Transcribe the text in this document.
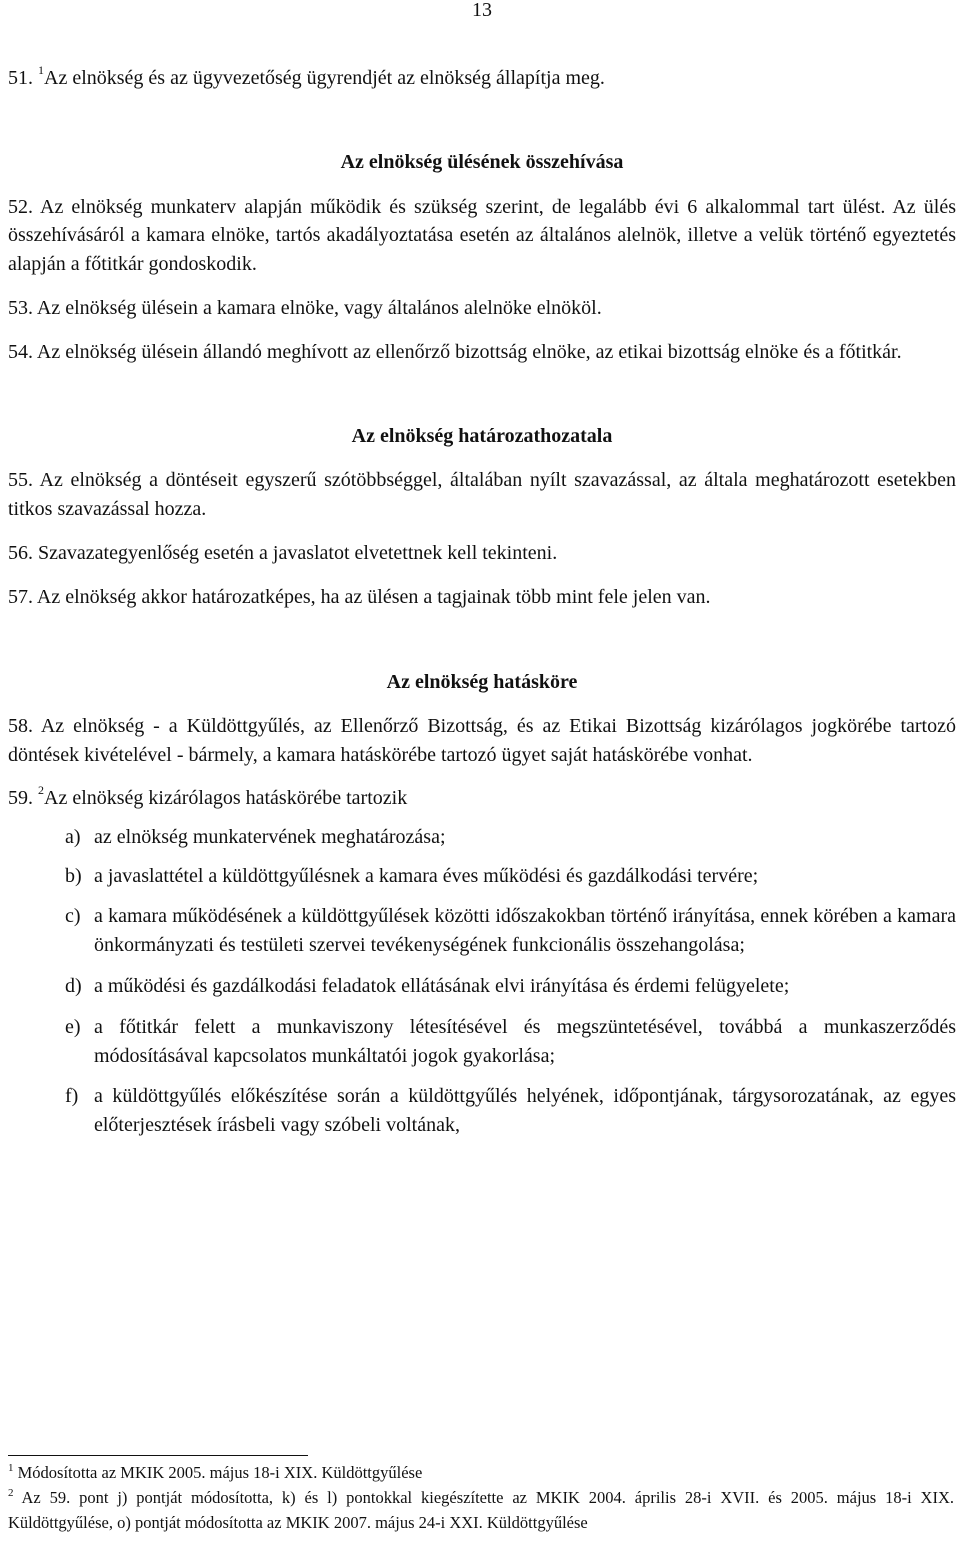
13
51. $^1$Az elnökség és az ügyvezetőség ügyrendjét az elnökség állapítja meg.
Az elnökség ülésének összehívása
52. Az elnökség munkaterv alapján működik és szükség szerint, de legalább évi 6 alkalommal tart ülést. Az ülés összehívásáról a kamara elnöke, tartós akadályoztatása esetén az általános alelnök, illetve a velük történő egyeztetés alapján a főtitkár gondoskodik.
53. Az elnökség ülésein a kamara elnöke, vagy általános alelnöke elnököl.
54. Az elnökség ülésein állandó meghívott az ellenőrző bizottság elnöke, az etikai bizottság elnöke és a főtitkár.
Az elnökség határozathozatala
55. Az elnökség a döntéseit egyszerű szótöbbséggel, általában nyílt szavazással, az általa meghatározott esetekben titkos szavazással hozza.
56. Szavazategyenlőség esetén a javaslatot elvetettnek kell tekinteni.
57. Az elnökség akkor határozatképes, ha az ülésen a tagjainak több mint fele jelen van.
Az elnökség hatásköre
58. Az elnökség - a Küldöttgyűlés, az Ellenőrző Bizottság, és az Etikai Bizottság kizárólagos jogkörébe tartozó döntések kivételével - bármely, a kamara hatáskörébe tartozó ügyet saját hatáskörébe vonhat.
59. $^2$Az elnökség kizárólagos hatáskörébe tartozik
a) az elnökség munkatervének meghatározása;
b) a javaslattétel a küldöttgyűlésnek a kamara éves működési és gazdálkodási tervére;
c) a kamara működésének a küldöttgyűlések közötti időszakokban történő irányítása, ennek körében a kamara önkormányzati és testületi szervei tevékenységének funkcionális összehangolása;
d) a működési és gazdálkodási feladatok ellátásának elvi irányítása és érdemi felügyelete;
e) a főtitkár felett a munkaviszony létesítésével és megszüntetésével, továbbá a munkaszerződés módosításával kapcsolatos munkáltatói jogok gyakorlása;
f) a küldöttgyűlés előkészítése során a küldöttgyűlés helyének, időpontjának, tárgysorozatának, az egyes előterjesztések írásbeli vagy szóbeli voltának,
$^1$ Módosította az MKIK 2005. május 18-i XIX. Küldöttgyűlése
$^2$ Az 59. pont j) pontját módosította, k) és l) pontokkal kiegészítette az MKIK 2004. április 28-i XVII. és 2005. május 18-i XIX. Küldöttgyűlése, o) pontját módosította az MKIK 2007. május 24-i XXI. Küldöttgyűlése
